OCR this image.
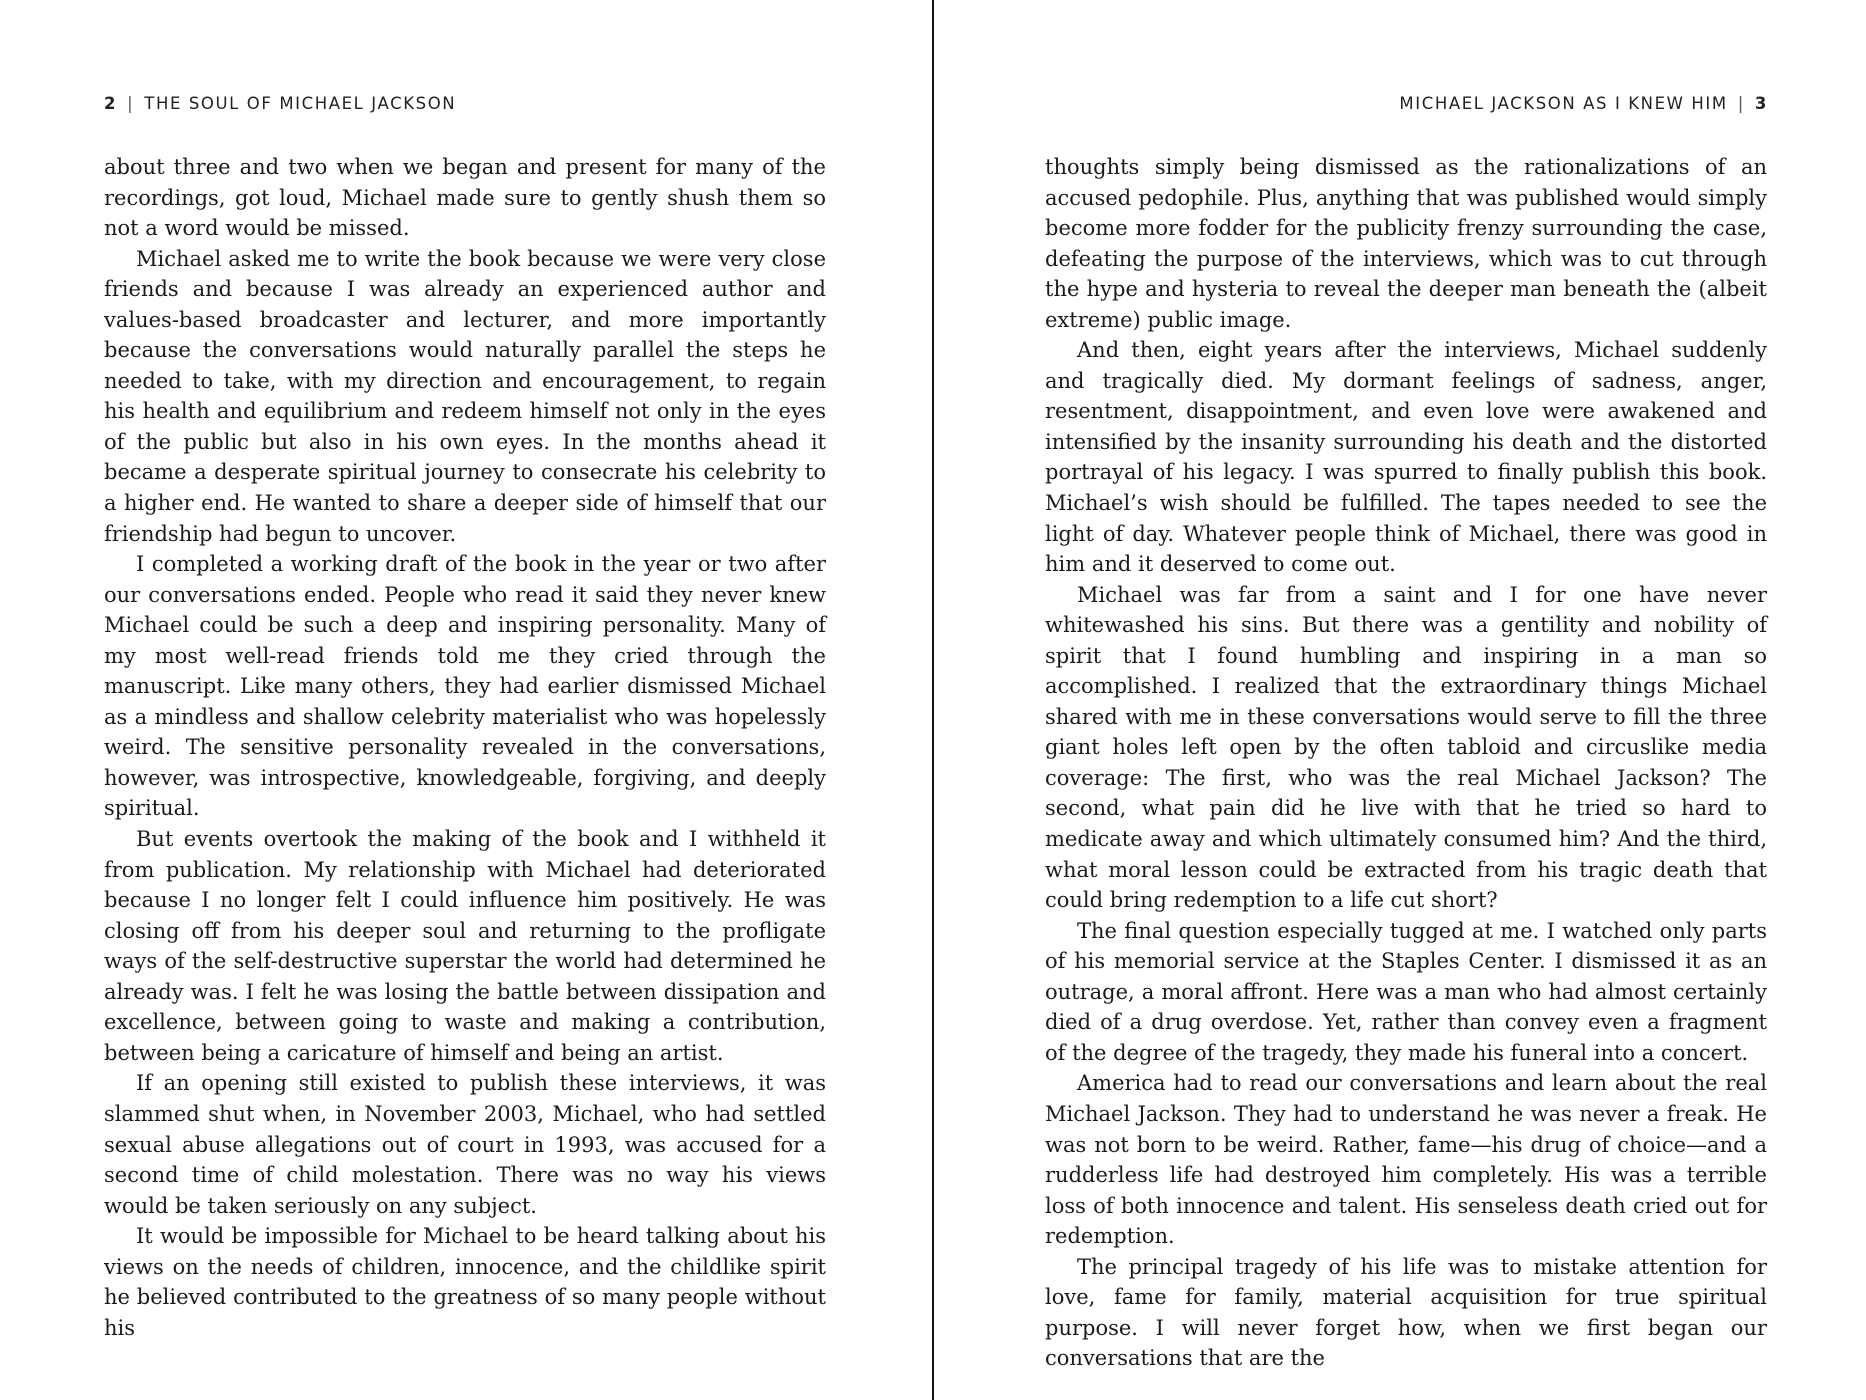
2 | THE SOUL OF MICHAEL JACKSON

about three and two when we began and present for many of the recordings, got loud, Michael made sure to gently shush them so not a word would be missed.

Michael asked me to write the book because we were very close friends and because I was already an experienced author and values-based broadcaster and lecturer, and more importantly because the conversations would naturally parallel the steps he needed to take, with my direction and encouragement, to regain his health and equilibrium and redeem himself not only in the eyes of the public but also in his own eyes. In the months ahead it became a desperate spiritual journey to consecrate his celebrity to a higher end. He wanted to share a deeper side of himself that our friendship had begun to uncover.

I completed a working draft of the book in the year or two after our conversations ended. People who read it said they never knew Michael could be such a deep and inspiring personality. Many of my most well-read friends told me they cried through the manuscript. Like many others, they had earlier dismissed Michael as a mindless and shallow celebrity materialist who was hopelessly weird. The sensitive personality revealed in the conversations, however, was introspective, knowledgeable, forgiving, and deeply spiritual.

But events overtook the making of the book and I withheld it from publication. My relationship with Michael had deteriorated because I no longer felt I could influence him positively. He was closing off from his deeper soul and returning to the profligate ways of the self-destructive superstar the world had determined he already was. I felt he was losing the battle between dissipation and excellence, between going to waste and making a contribution, between being a caricature of himself and being an artist.

If an opening still existed to publish these interviews, it was slammed shut when, in November 2003, Michael, who had settled sexual abuse allegations out of court in 1993, was accused for a second time of child molestation. There was no way his views would be taken seriously on any subject.

It would be impossible for Michael to be heard talking about his views on the needs of children, innocence, and the childlike spirit he believed contributed to the greatness of so many people without his

MICHAEL JACKSON AS I KNEW HIM | 3

thoughts simply being dismissed as the rationalizations of an accused pedophile. Plus, anything that was published would simply become more fodder for the publicity frenzy surrounding the case, defeating the purpose of the interviews, which was to cut through the hype and hysteria to reveal the deeper man beneath the (albeit extreme) public image.

And then, eight years after the interviews, Michael suddenly and tragically died. My dormant feelings of sadness, anger, resentment, disappointment, and even love were awakened and intensified by the insanity surrounding his death and the distorted portrayal of his legacy. I was spurred to finally publish this book. Michael’s wish should be fulfilled. The tapes needed to see the light of day. Whatever people think of Michael, there was good in him and it deserved to come out.

Michael was far from a saint and I for one have never whitewashed his sins. But there was a gentility and nobility of spirit that I found humbling and inspiring in a man so accomplished. I realized that the extraordinary things Michael shared with me in these conversations would serve to fill the three giant holes left open by the often tabloid and circuslike media coverage: The first, who was the real Michael Jackson? The second, what pain did he live with that he tried so hard to medicate away and which ultimately consumed him? And the third, what moral lesson could be extracted from his tragic death that could bring redemption to a life cut short?

The final question especially tugged at me. I watched only parts of his memorial service at the Staples Center. I dismissed it as an outrage, a moral affront. Here was a man who had almost certainly died of a drug overdose. Yet, rather than convey even a fragment of the degree of the tragedy, they made his funeral into a concert.

America had to read our conversations and learn about the real Michael Jackson. They had to understand he was never a freak. He was not born to be weird. Rather, fame—his drug of choice—and a rudderless life had destroyed him completely. His was a terrible loss of both innocence and talent. His senseless death cried out for redemption.

The principal tragedy of his life was to mistake attention for love, fame for family, material acquisition for true spiritual purpose. I will never forget how, when we first began our conversations that are the
